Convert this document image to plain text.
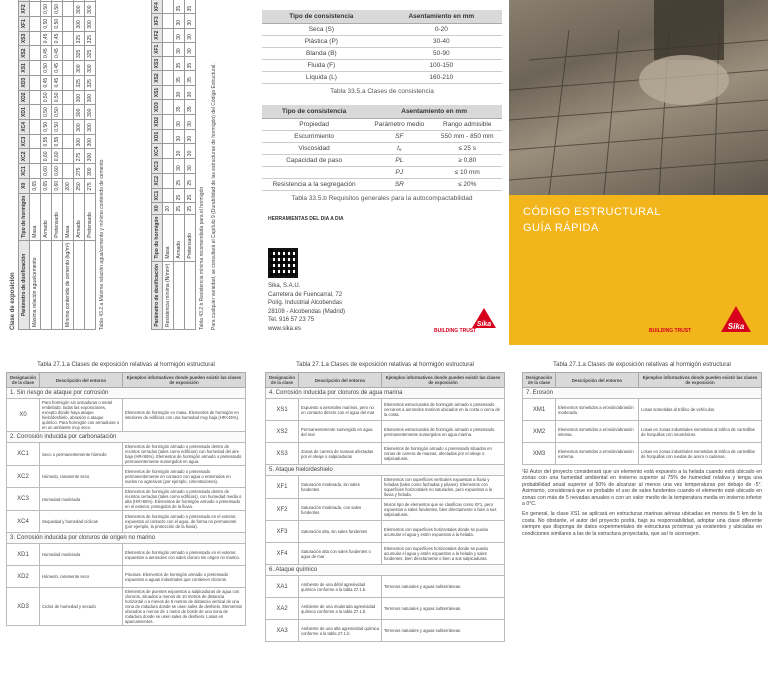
Clase de exposición Parámetro de dosificación	Tipo de hormigón	X0	XC1	XC2	XC3	XC4	XD1	XD2	XD3	XS1	XS2	XS3	XF1	XF2								
Máxima relación agua/cemento	Masa	0,65																				
	Armado	0,65	0,60	0,60	0,55	0,50	0,50	0,50	0,45	0,50	0,45	0,45	0,50	0,50								
	Pretensado	0,60	0,60	0,60	0,55	0,50	0,50	0,50	0,45	0,45	0,45	0,45	0,50	0,50								
Mínimo contenido de cemento (kg/m³)	Masa	200																				
	Armado	250	275	275	300	300	300	300	325	300	325	325	300	300								
	Pretensado	275	300	300	300	300	300	300	325	300	325	325	300	300								
Tabla 43.2.a Máxima relación agua/cemento y mínimo contenido de cemento	Parámetro de dosificación	Tipo de hormigón	X0	XC1	XC2	XC3	XC4	XD1	XD2	XD3	XS1	XS2	XS3	XF1	XF2	XF3	XF4						
Resistencia mínima (N/mm²)	Masa	20																				
	Armado	25	25	25	30	30	30	30	35	30	35	35	30	30	30	35						
	Pretensado	25	25	25	30	30	30	30	35	30	35	35	30	30	30	35						
Tabla 43.2.b Resistencia mínima recomendada para el hormigón Para cualquier variedad, se consultará el Capítulo 9 (Durabilidad de las estructuras de hormigón) del Código Estructural.
Tipo de consistencia	Asentamiento en mm
Seca (S)	0-20
Plástica (P)	30-40
Blanda (B)	50-90
Fluida (F)	100-150
Líquida (L)	160-210
Tabla 33.5.a Clases de consistencia
Tipo de consistencia	Asentamiento en mm	
Propiedad	Parámetro medio	Rango admisible
Escurrimiento	SF	550 mm - 850 mm
Viscosidad	t₅	≤ 25 s
Capacidad de paso	PL	≥ 0,80
	PJ	≤ 10 mm
Resistencia a la segregación	SR	≤ 20%
Tabla 33.5.b Requisitos generales para la autocompactabilidad
HERRAMIENTAS DEL DIA A DIA
Sika, S.A.U.
Carretera de Fuencarral, 72
Políg. Industrial Alcobendas
28108 - Alcobendas (Madrid)
Tel. 916 57 23 75
www.sika.es	BUILDING TRUST
Sika
CÓDIGO ESTRUCTURAL
GUÍA RÁPIDA
BUILDING TRUST	Sika
Tabla 27.1.a Clases de exposición relativas al hormigón estructural
Designación de la clase	Descripción del entorno	Ejemplos informativos donde pueden existir las clases de exposición
1. Sin riesgo de ataque por corrosión		
X0	Para hormigón sin armaduras o metal embebido: todas las exposiciones, excepto donde haya ataque hielo/deshielo, abrasión o ataque químico. Para hormigón con armaduras o en un ambiente muy seco.	Elementos de hormigón en masa. Elementos de hormigón en interiores de edificios con una humedad muy baja (HR<45%).
2. Corrosión inducida por carbonatación		
XC1	Seco o permanentemente húmedo	Elementos de hormigón armado o pretensado dentro de recintos cerrados (tales como edificios) con humedad del aire baja (HR<65%). Elementos de hormigón armado o pretensado permanentemente sumergidos en agua.
XC2	Húmedo, raramente seco	Elementos de hormigón armado o pretensado permanentemente en contacto con agua o enterrados en suelos no agresivos (por ejemplo, cimentaciones).
XC3	Humedad moderada	Elementos de hormigón armado o pretensado dentro de recintos cerrados (tales como edificios), con humedad media o alta (HR>65%). Elementos de hormigón armado o pretensado en el exterior, protegidos de la lluvia.
XC4	Sequedad y humedad cíclicas	Elementos de hormigón armado o pretensado en el exterior, expuestos al contacto con el agua, de forma no permanente (por ejemplo, la protección de la lluvia).
3. Corrosión inducida por cloruros de origen no marino		
XD1	Humedad moderada	Elementos de hormigón armado o pretensado en el exterior, expuestos a aerosoles con sales cloruro sin origen no marino.
XD2	Húmedo, raramente seco	Piscinas. Elementos de hormigón armado o pretensado expuestos a aguas industriales que contienen cloruros.
XD3	Ciclos de humedad y secado	Elementos de puentes expuestos a salpicaduras de agua con cloruros, situados a menos de 10 metros de distancia horizontal o a menos de 5 metros de distancia vertical de una zona de rodadura donde se usen sales de deshielo. Elementos ubicados a menos de 1 metro de borde de una zona de rodadura donde se usen sales de deshielo. Losas en aparcamientos.
Tabla 27.1.a Clases de exposición relativas al hormigón estructural
Designación de la clase	Descripción del entorno	Ejemplos informativos donde pueden existir las clases de exposición
4. Corrosión inducida por cloruros de agua marina		
XS1	Expuesto a aerosoles marinos, pero no en contacto directo con el agua del mar	Elementos estructurales de hormigón armado o pretensado cercanos a aerosoles marinos ubicados en la costa o cerca de la costa.
XS2	Permanentemente sumergido en agua del mar	Elementos estructurales de hormigón armado o pretensado permanentemente sumergidos en agua marina.
XS3	Zonas de carrera de mareas afectadas por el oleaje o salpicaduras	Elementos de hormigón armado o pretensado situados en zonas de carrera de mareas, afectadas por el oleaje o salpicaduras.
5. Ataque hielo/deshielo		
XF1	Saturación moderada, sin sales fundentes	Elementos con superficies verticales expuestas a lluvia y heladas (tales como fachadas y pilares). Elementos con superficies horizontales no saturados, pero expuestos a la lluvia y helada.
XF2	Saturación moderada, con sales fundentes	Muros tipo de elementos que se clasifican como XF1, pero expuestos a sales fundentes, bien directamente o bien a sus salpicaduras.
XF3	Saturación alta, sin sales fundentes	Elementos con superficies horizontales donde se pueda acumular el agua y estén expuestos a la helada.
XF4	Saturación alta con sales fundentes o agua de mar	Elementos con superficies horizontales donde se pueda acumular el agua y estén expuestos a la helada y sales fundentes, bien directamente o bien a sus salpicaduras.
6. Ataque químico		
XA1	Ambiente de una débil agresividad química conforme a la tabla 27.1.b.	Terrenos naturales y aguas subterráneas.
XA2	Ambiente de una moderada agresividad química conforme a la tabla 27.1.b.	Terrenos naturales y aguas subterráneas.
XA3	Ambiente de una alta agresividad química conforme a la tabla 27.1.b.	Terrenos naturales y aguas subterráneas.
Tabla 27.1.a Clases de exposición relativas al hormigón estructural
Designación de la clase	Descripción del entorno	Ejemplos informativos donde pueden existir las clases de exposición
7. Erosión		
XM1	Elementos sometidos a erosión/abrasión moderada.	Losas sometidas al tráfico de vehículos.
XM2	Elementos sometidos a erosión/abrasión intensa.	Losas en zonas industriales sometidas al tráfico de carretillas de horquillas con neumáticos.
XM3	Elementos sometidos a erosión/abrasión extrema.	Losas en zonas industriales sometidas al tráfico de carretillas de horquillas con ruedas de acero o cadenas.
¹El Autor del proyecto considerará que un elemento está expuesto a la helada cuando está ubicado en zonas con una humedad ambiental en invierno superior al 75% de humedad relativa y tenga una probabilidad anual superior al 50% de alcanzar al menos una vez temperaturas por debajo de -5°. Asimismo, considerará que es probable el uso de sales fundentes cuando el elemento esté ubicado en zonas con más de 5 nevadas anuales o con un valor medio de la temperatura media en invierno inferior a 0°C.
En general, la clase XS1 se aplicará en estructuras marinas aéreas ubicadas en menos de 5 km de la costa. No obstante, el autor del proyecto podrá, bajo su responsabilidad, adoptar una clase diferente siempre que disponga de datos experimentales de estructuras próximas ya existentes y ubicadas en condiciones similares a las de la estructura proyectada, que así lo aconsejen.
